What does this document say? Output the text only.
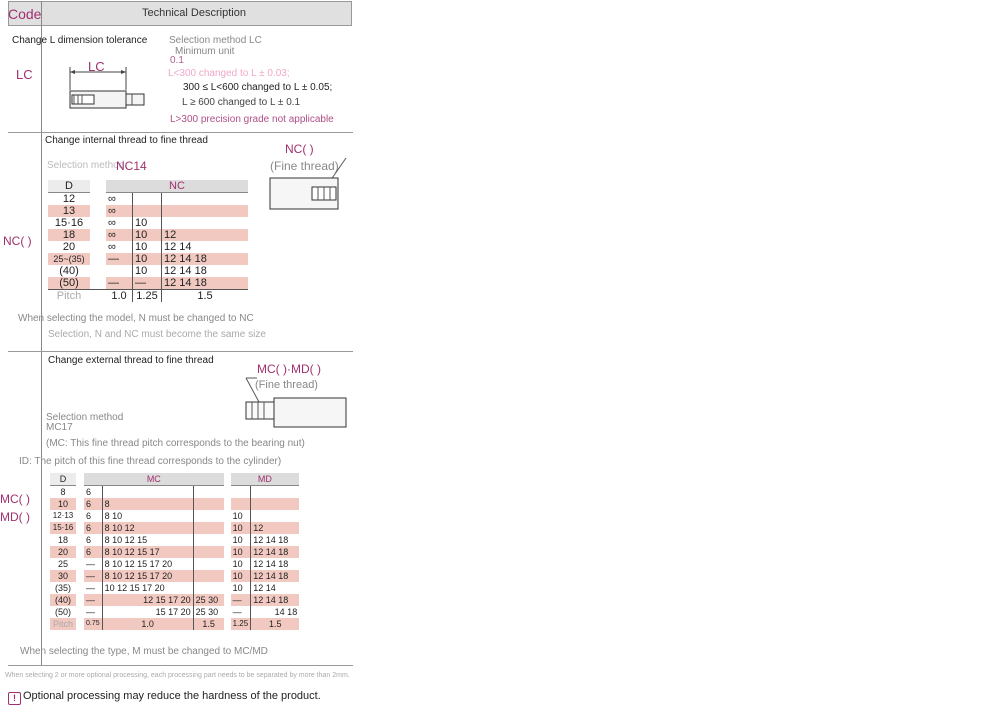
Code	Technical Description
LC
Change L dimension tolerance Selection method LC
Minimum unit
0.1
LC	L<300 changed to L ± 0.03;
300 ≤ L<600 changed to L ± 0.05;
L ≥ 600 changed to L ± 0.1
L>300 precision grade not applicable
NC( )
Change internal thread to fine thread
Selection method
NC14
NC( )
(Fine thread)
D		NC		
12		∞		
13		∞		
15·16		∞	10	
18		∞	10	12
20		∞	10	12 14
25~(35)		—	10	12 14 18
(40)			10	12 14 18
(50)		—	—	12 14 18
Pitch		1.0	1.25	1.5
When selecting the model, N must be changed to NC
Selection, N and NC must become the same size
MC( )
MD( )
Change external thread to fine thread
MC( )·MD( )
(Fine thread)
Selection method
MC17
(MC: This fine thread pitch corresponds to the bearing nut)
ID: The pitch of this fine thread corresponds to the cylinder)
D		MC				MD	
8		6					
10		6	8				
12·13		6	8 10			10	
15·16		6	8 10 12			10	12
18		6	8 10 12 15			10	12 14 18
20		6	8 10 12 15 17			10	12 14 18
25		—	8 10 12 15 17 20			10	12 14 18
30		—	8 10 12 15 17 20			10	12 14 18
(35)		—	10 12 15 17 20			10	12 14
(40)		—	12 15 17 20	25 30		—	12 14 18
(50)		—	15 17 20	25 30		—	14 18
Pitch		0.75	1.0	1.5		1.25	1.5
When selecting the type, M must be changed to MC/MD
When selecting 2 or more optional processing, each processing part needs to be separated by more than 2mm.
! Optional processing may reduce the hardness of the product.
